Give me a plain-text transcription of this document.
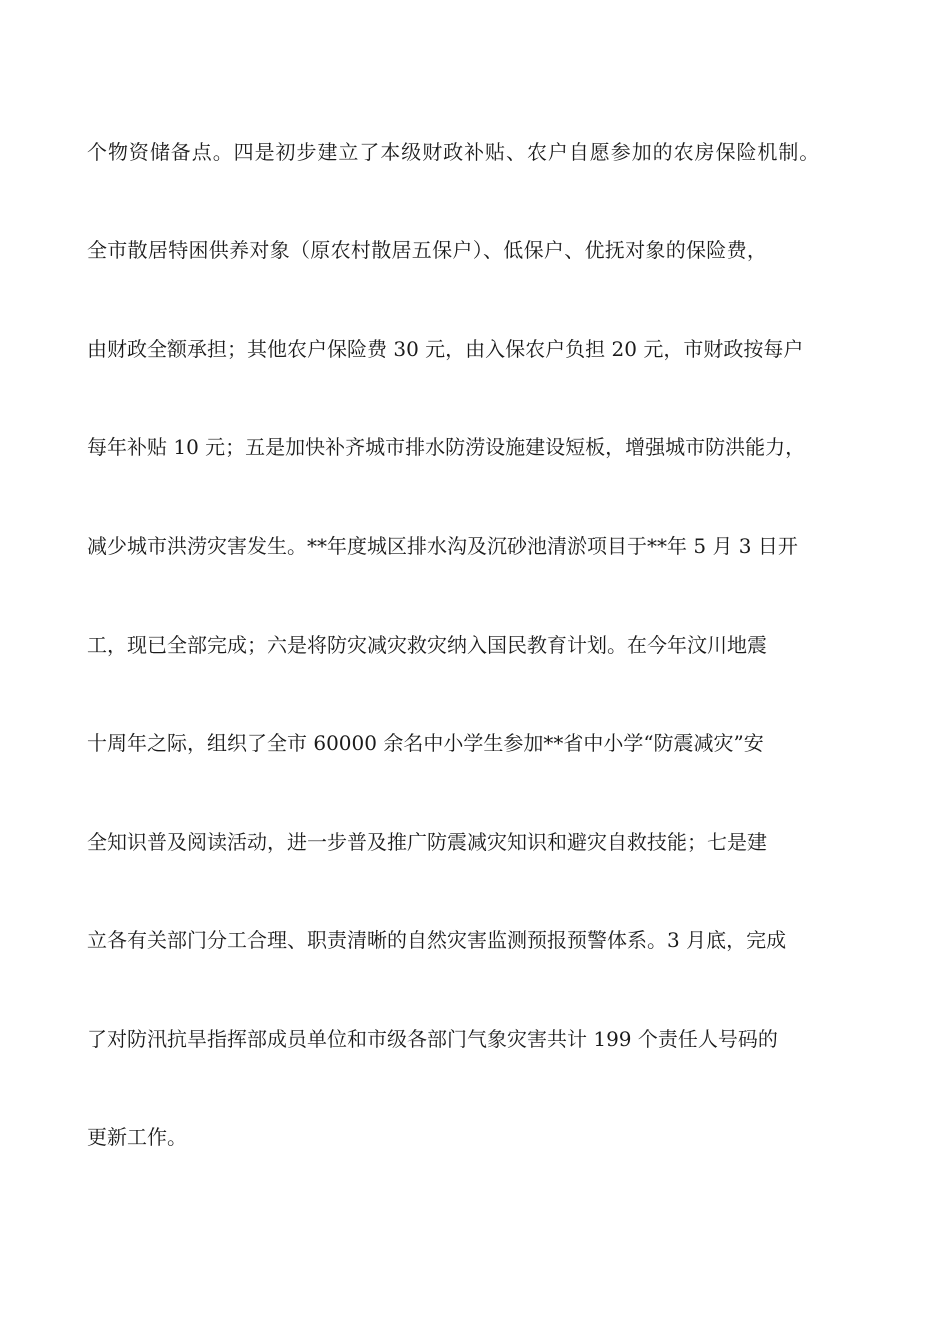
个物资储备点。四是初步建立了本级财政补贴、农户自愿参加的农房保险机制。

全市散居特困供养对象（原农村散居五保户）、低保户、优抚对象的保险费，

由财政全额承担；其他农户保险费 30 元，由入保农户负担 20 元，市财政按每户

每年补贴 10 元；五是加快补齐城市排水防涝设施建设短板，增强城市防洪能力，

减少城市洪涝灾害发生。**年度城区排水沟及沉砂池清淤项目于**年 5 月 3 日开

工，现已全部完成；六是将防灾减灾救灾纳入国民教育计划。在今年汶川地震

十周年之际，组织了全市 60000 余名中小学生参加**省中小学“防震减灾”安

全知识普及阅读活动，进一步普及推广防震减灾知识和避灾自救技能；七是建

立各有关部门分工合理、职责清晰的自然灾害监测预报预警体系。3 月底，完成

了对防汛抗旱指挥部成员单位和市级各部门气象灾害共计 199 个责任人号码的

更新工作。
